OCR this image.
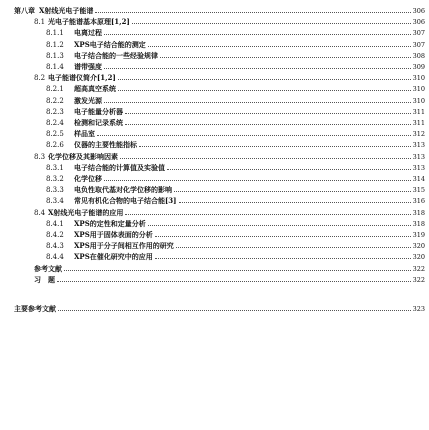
第八章 X射线光电子能谱	306
8.1 光电子能谱基本原理[1,2]	306
8.1.1	电离过程	307
8.1.2	XPS电子结合能的测定	307
8.1.3	电子结合能的一些经验规律	308
8.1.4	谱带强度	309
8.2 电子能谱仪简介[1,2]	310
8.2.1	超高真空系统	310
8.2.2	激发光源	310
8.2.3	电子能量分析器	311
8.2.4	检测和记录系统	311
8.2.5	样品室	312
8.2.6	仪器的主要性能指标	313
8.3 化学位移及其影响因素	313
8.3.1	电子结合能的计算值及实验值	313
8.3.2	化学位移	314
8.3.3	电负性取代基对化学位移的影响	315
8.3.4	常见有机化合物的电子结合能[3]	316
8.4 X射线光电子能谱的应用	318
8.4.1	XPS的定性和定量分析	318
8.4.2	XPS用于固体表面的分析	319
8.4.3	XPS用于分子间相互作用的研究	320
8.4.4	XPS在催化研究中的应用	320
参考文献	322
习　题	322
主要参考文献	323
